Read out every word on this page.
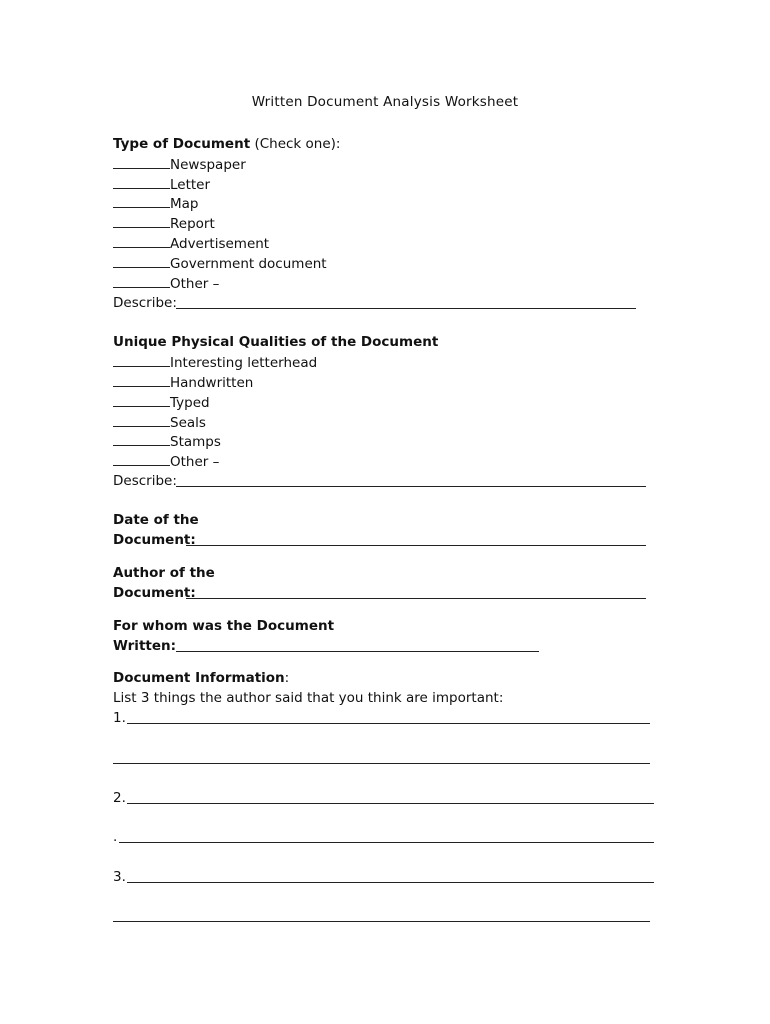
Written Document Analysis Worksheet
Type of Document (Check one):
Newspaper
Letter
Map
Report
Advertisement
Government document
Other –
Describe:
Unique Physical Qualities of the Document
Interesting letterhead
Handwritten
Typed
Seals
Stamps
Other –
Describe:
Date of the
Document:
Author of the
Document:
For whom was the Document
Written:
Document Information:
List 3 things the author said that you think are important:
1.
2.
.
3.
